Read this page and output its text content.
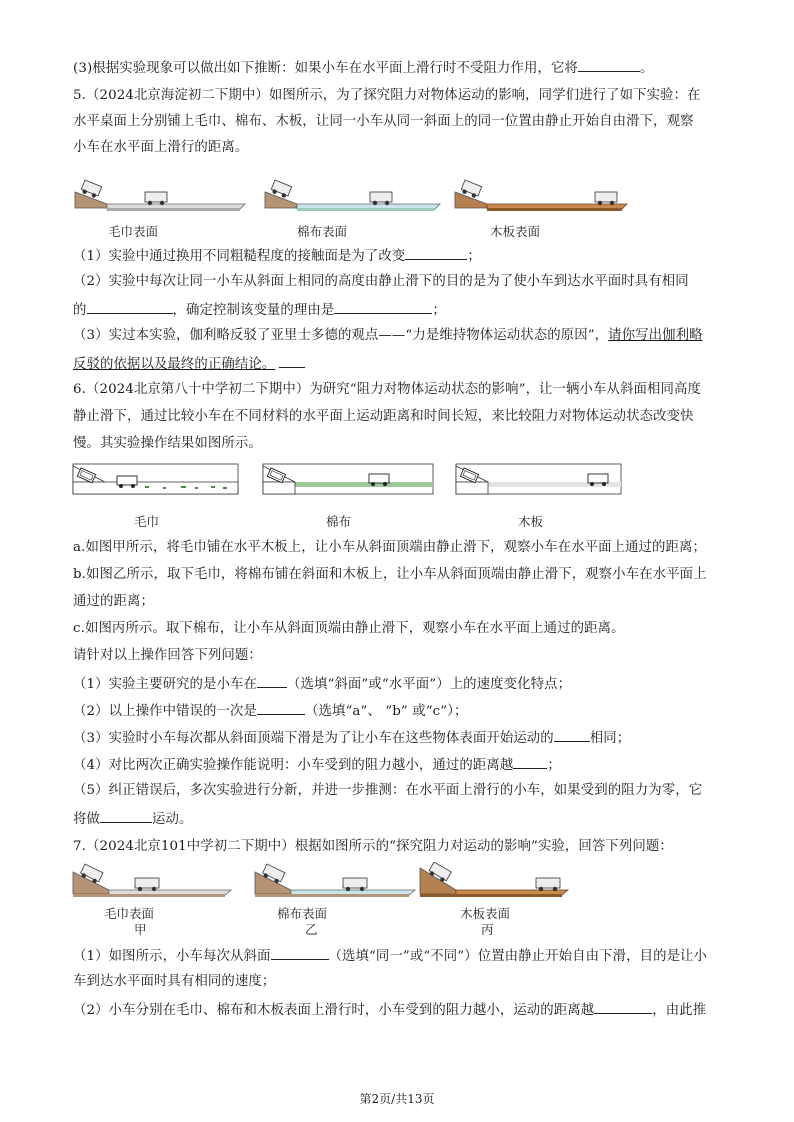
(3)根据实验现象可以做出如下推断：如果小车在水平面上滑行时不受阻力作用，它将	。
5.（2024北京海淀初二下期中）如图所示，为了探究阻力对物体运动的影响，同学们进行了如下实验：在
水平桌面上分别铺上毛巾、棉布、木板，让同一小车从同一斜面上的同一位置由静止开始自由滑下，观察
小车在水平面上滑行的距离。
毛巾表面	棉布表面	木板表面
（1）实验中通过换用不同粗糙程度的接触面是为了改变	；
（2）实验中每次让同一小车从斜面上相同的高度由静止滑下的目的是为了使小车到达水平面时具有相同
的	，确定控制该变量的理由是	；
（3）实过本实验，伽利略反驳了亚里士多德的观点——“力是维持物体运动状态的原因”，请你写出伽利略
反驳的依据以及最终的正确结论。
6.（2024北京第八十中学初二下期中）为研究“阻力对物体运动状态的影响”，让一辆小车从斜面相同高度
静止滑下，通过比较小车在不同材料的水平面上运动距离和时间长短，来比较阻力对物体运动状态改变快
慢。其实验操作结果如图所示。
毛巾	棉布	木板
a.如图甲所示，将毛巾铺在水平木板上，让小车从斜面顶端由静止滑下，观察小车在水平面上通过的距离；
b.如图乙所示，取下毛巾，将棉布铺在斜面和木板上，让小车从斜面顶端由静止滑下，观察小车在水平面上
通过的距离；
c.如图丙所示。取下棉布，让小车从斜面顶端由静止滑下，观察小车在水平面上通过的距离。
请针对以上操作回答下列问题：
（1）实验主要研究的是小车在 （选填“斜面”或“水平面”）上的速度变化特点；
（2）以上操作中错误的一次是	（选填“a”、 “b” 或“c”）；
（3）实验时小车每次都从斜面顶端下滑是为了让小车在这些物体表面开始运动的	相同；
（4）对比两次正确实验操作能说明：小车受到的阻力越小，通过的距离越	；
（5）纠正错误后，多次实验进行分新，并进一步推测：在水平面上滑行的小车，如果受到的阻力为零，它
将做	运动。
7.（2024北京101中学初二下期中）根据如图所示的“探究阻力对运动的影响”实验，回答下列问题：
毛巾表面	棉布表面	木板表面
甲	乙	丙
（1）如图所示，小车每次从斜面	（选填“同一”或“不同”）位置由静止开始自由下滑，目的是让小
车到达水平面时具有相同的速度；
（2）小车分别在毛巾、棉布和木板表面上滑行时，小车受到的阻力越小，运动的距离越	，由此推
第2页/共13页
